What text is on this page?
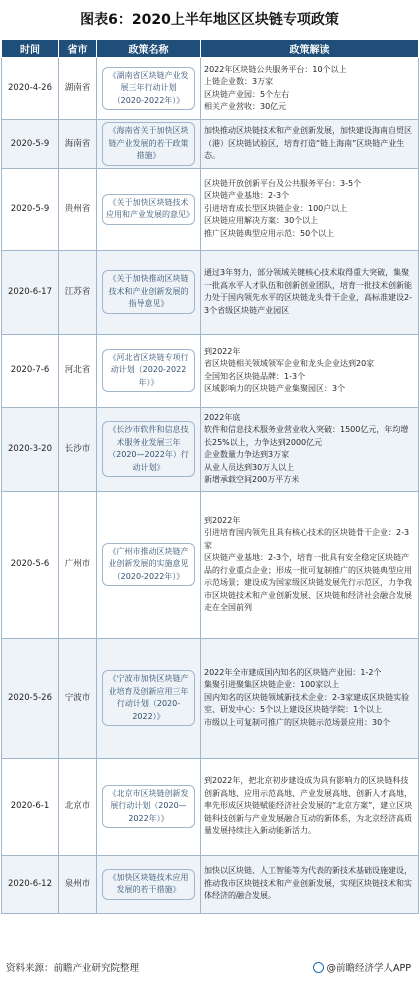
图表6：2020上半年地区区块链专项政策
时间	省市	政策名称	政策解读
2020-4-26	湖南省	《湖南省区块链产业发展三年行动计划（2020-2022年）》	2022年区块链公共服务平台：10个以上
上链企业数：3万家
区块链产业园：5个左右
相关产业营收：30亿元

2020-5-9	海南省	《海南省关于加快区块链产业发展的若干政策措施》	加快推动区块链技术和产业创新发展，加快建设海南自贸区（港）区块链试验区，培育打造“链上海南”区块链产业生态。

2020-5-9	贵州省	《关于加快区块链技术应用和产业发展的意见》	区块链开放创新平台及公共服务平台：3-5个
区块链产业基地：2-3个
引进培育成长型区块链企业：100户以上
区块链应用解决方案：30个以上
推广区块链典型应用示范：50个以上

2020-6-17	江苏省	《关于加快推动区块链技术和产业创新发展的指导意见》	通过3年努力，部分领域关键核心技术取得重大突破，集聚一批高水平人才队伍和创新创业团队，培育一批技术创新能力处于国内领先水平的区块链龙头骨干企业，高标准建设2-3个省级区块链产业园区

2020-7-6	河北省	《河北省区块链专项行动计划（2020-2022年）》	到2022年
省区块链相关领域领军企业和龙头企业达到20家
全国知名区块链品牌：1-3个
区域影响力的区块链产业集聚园区：3个

2020-3-20	长沙市	《长沙市软件和信息技术服务业发展三年（2020—2022年）行动计划》	2022年底
软件和信息技术服务业营业收入突破：1500亿元，年均增长25%以上，力争达到2000亿元
企业数量力争达到3万家
从业人员达到30万人以上
新增承载空间200万平方米

2020-5-6	广州市	《广州市推动区块链产业创新发展的实施意见（2020-2022年）》	到2022年
引进培育国内领先且具有核心技术的区块链骨干企业：2-3家
区块链产业基地：2-3个，培育一批具有安全稳定区块链产品的行业重点企业；形成一批可复制推广的区块链典型应用示范场景；建设成为国家级区块链发展先行示范区，力争我市区块链技术和产业创新发展、区块链和经济社会融合发展走在全国前列

2020-5-26	宁波市	《宁波市加快区块链产业培育及创新应用三年行动计划（2020-2022）》	2022年全市建成国内知名的区块链产业园：1-2个
集聚引进聚集区块链企业：100家以上
国内知名的区块链领域新技术企业：2-3家建成区块链实验室、研发中心：5个以上建设区块链学院：1个以上
市级以上可复制可推广的区块链示范场景应用：30个

2020-6-1	北京市	《北京市区块链创新发展行动计划（2020—2022年）》	到2022年，把北京初步建设成为具有影响力的区块链科技创新高地、应用示范高地、产业发展高地、创新人才高地，率先形成区块链赋能经济社会发展的“北京方案”，建立区块链科技创新与产业发展融合互动的新体系，为北京经济高质量发展持续注入新动能新活力。

2020-6-12	泉州市	《加快区块链技术应用发展的若干措施》	加快以区块链、人工智能等为代表的新技术基础设施建设，推动我市区块链技术和产业创新发展，实现区块链技术和实体经济的融合发展。
资料来源：前瞻产业研究院整理	@前瞻经济学人APP
